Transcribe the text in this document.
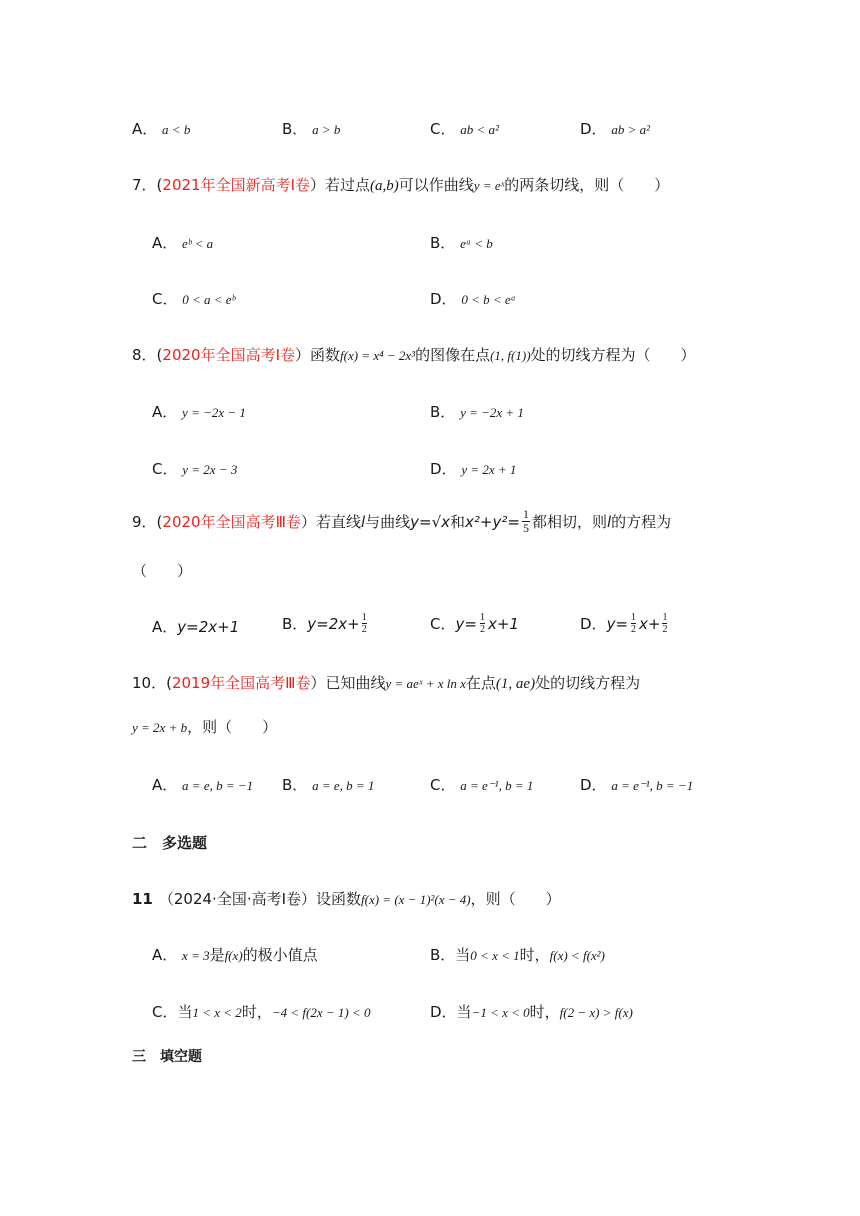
A． a < b	B． a > b	C． ab < a²	D． ab > a²
7．(2021年全国新高考Ⅰ卷）若过点(a,b)可以作曲线y = eˣ的两条切线，则（　　）
A． eᵇ < a	B． eᵃ < b
C． 0 < a < eᵇ	D． 0 < b < eᵃ
8．(2020年全国高考Ⅰ卷）函数f(x) = x⁴ − 2x³的图像在点(1, f(1))处的切线方程为（　　）
A． y = −2x − 1	B． y = −2x + 1
C． y = 2x − 3	D． y = 2x + 1
9．( 2020年全国高考Ⅲ卷 ）若直线 l 与曲线 y=√x 和 $x^2+y^2= \frac{1}{5}$ 都相切，则 l 的方程为
（　　）
A． y=2x+1	B． $y=2x+ \frac{1}{2}$	C． $y= \frac{1}{2} x+1$	D． $y= \frac{1}{2} x+ \frac{1}{2}$
10．(2019年全国高考Ⅲ卷）已知曲线y = aeˣ + x ln x在点(1, ae)处的切线方程为
y = 2x + b，则（　　）
A． a = e, b = −1 B． a = e, b = 1	C． a = e⁻¹, b = 1	D． a = e⁻¹, b = −1
二　多选题
11 （2024·全国·高考Ⅰ卷）设函数f(x) = (x − 1)²(x − 4)，则（　　）
A． x = 3是f(x)的极小值点	B．当0 < x < 1时，f(x) < f(x²)
C．当1 < x < 2时，−4 < f(2x − 1) < 0	D．当−1 < x < 0时，f(2 − x) > f(x)
三　填空题
